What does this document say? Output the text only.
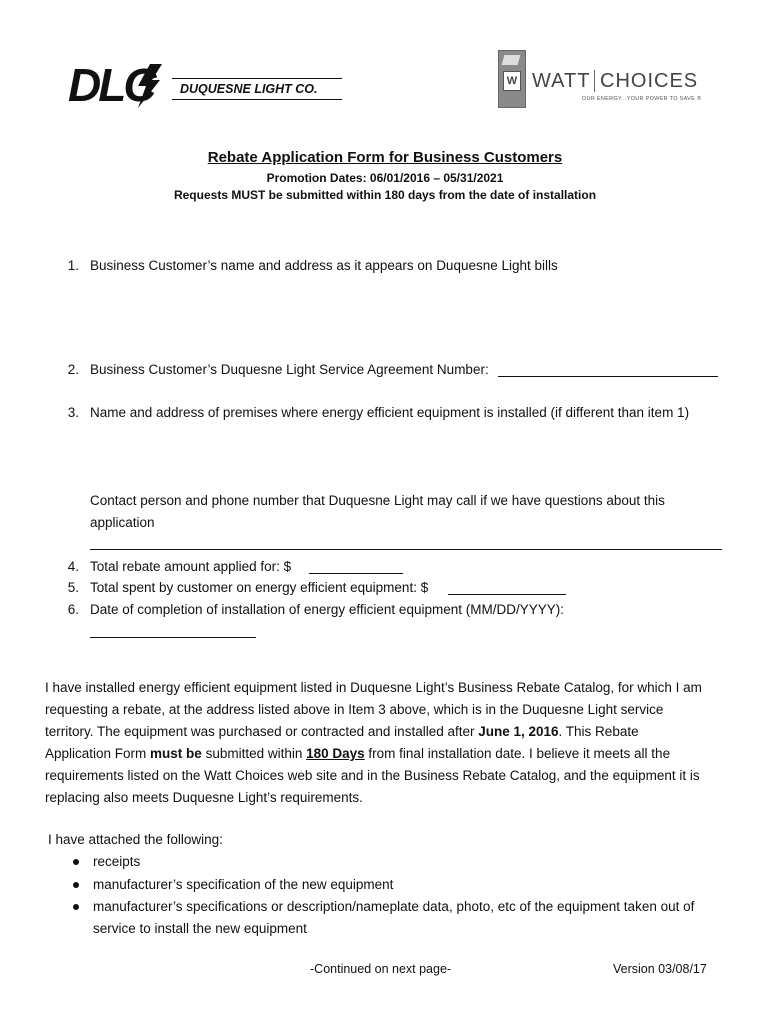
DLC DUQUESNE LIGHT CO.
W WATT CHOICES
OUR ENERGY...YOUR POWER TO SAVE ®
Rebate Application Form for Business Customers
Promotion Dates: 06/01/2016 – 05/31/2021
Requests MUST be submitted within 180 days from the date of installation
1. Business Customer’s name and address as it appears on Duquesne Light bills
2. Business Customer’s Duquesne Light Service Agreement Number:
3. Name and address of premises where energy efficient equipment is installed (if different than item 1)
Contact person and phone number that Duquesne Light may call if we have questions about this
application
4. Total rebate amount applied for: $
5. Total spent by customer on energy efficient equipment: $
6. Date of completion of installation of energy efficient equipment (MM/DD/YYYY):
I have installed energy efficient equipment listed in Duquesne Light’s Business Rebate Catalog, for which I am
requesting a rebate, at the address listed above in Item 3 above, which is in the Duquesne Light service
territory. The equipment was purchased or contracted and installed after June 1, 2016. This Rebate
Application Form must be submitted within 180 Days from final installation date. I believe it meets all the
requirements listed on the Watt Choices web site and in the Business Rebate Catalog, and the equipment it is
replacing also meets Duquesne Light’s requirements.
I have attached the following:
receipts
manufacturer’s specification of the new equipment
manufacturer’s specifications or description/nameplate data, photo, etc of the equipment taken out of
service to install the new equipment
-Continued on next page-	Version 03/08/17
